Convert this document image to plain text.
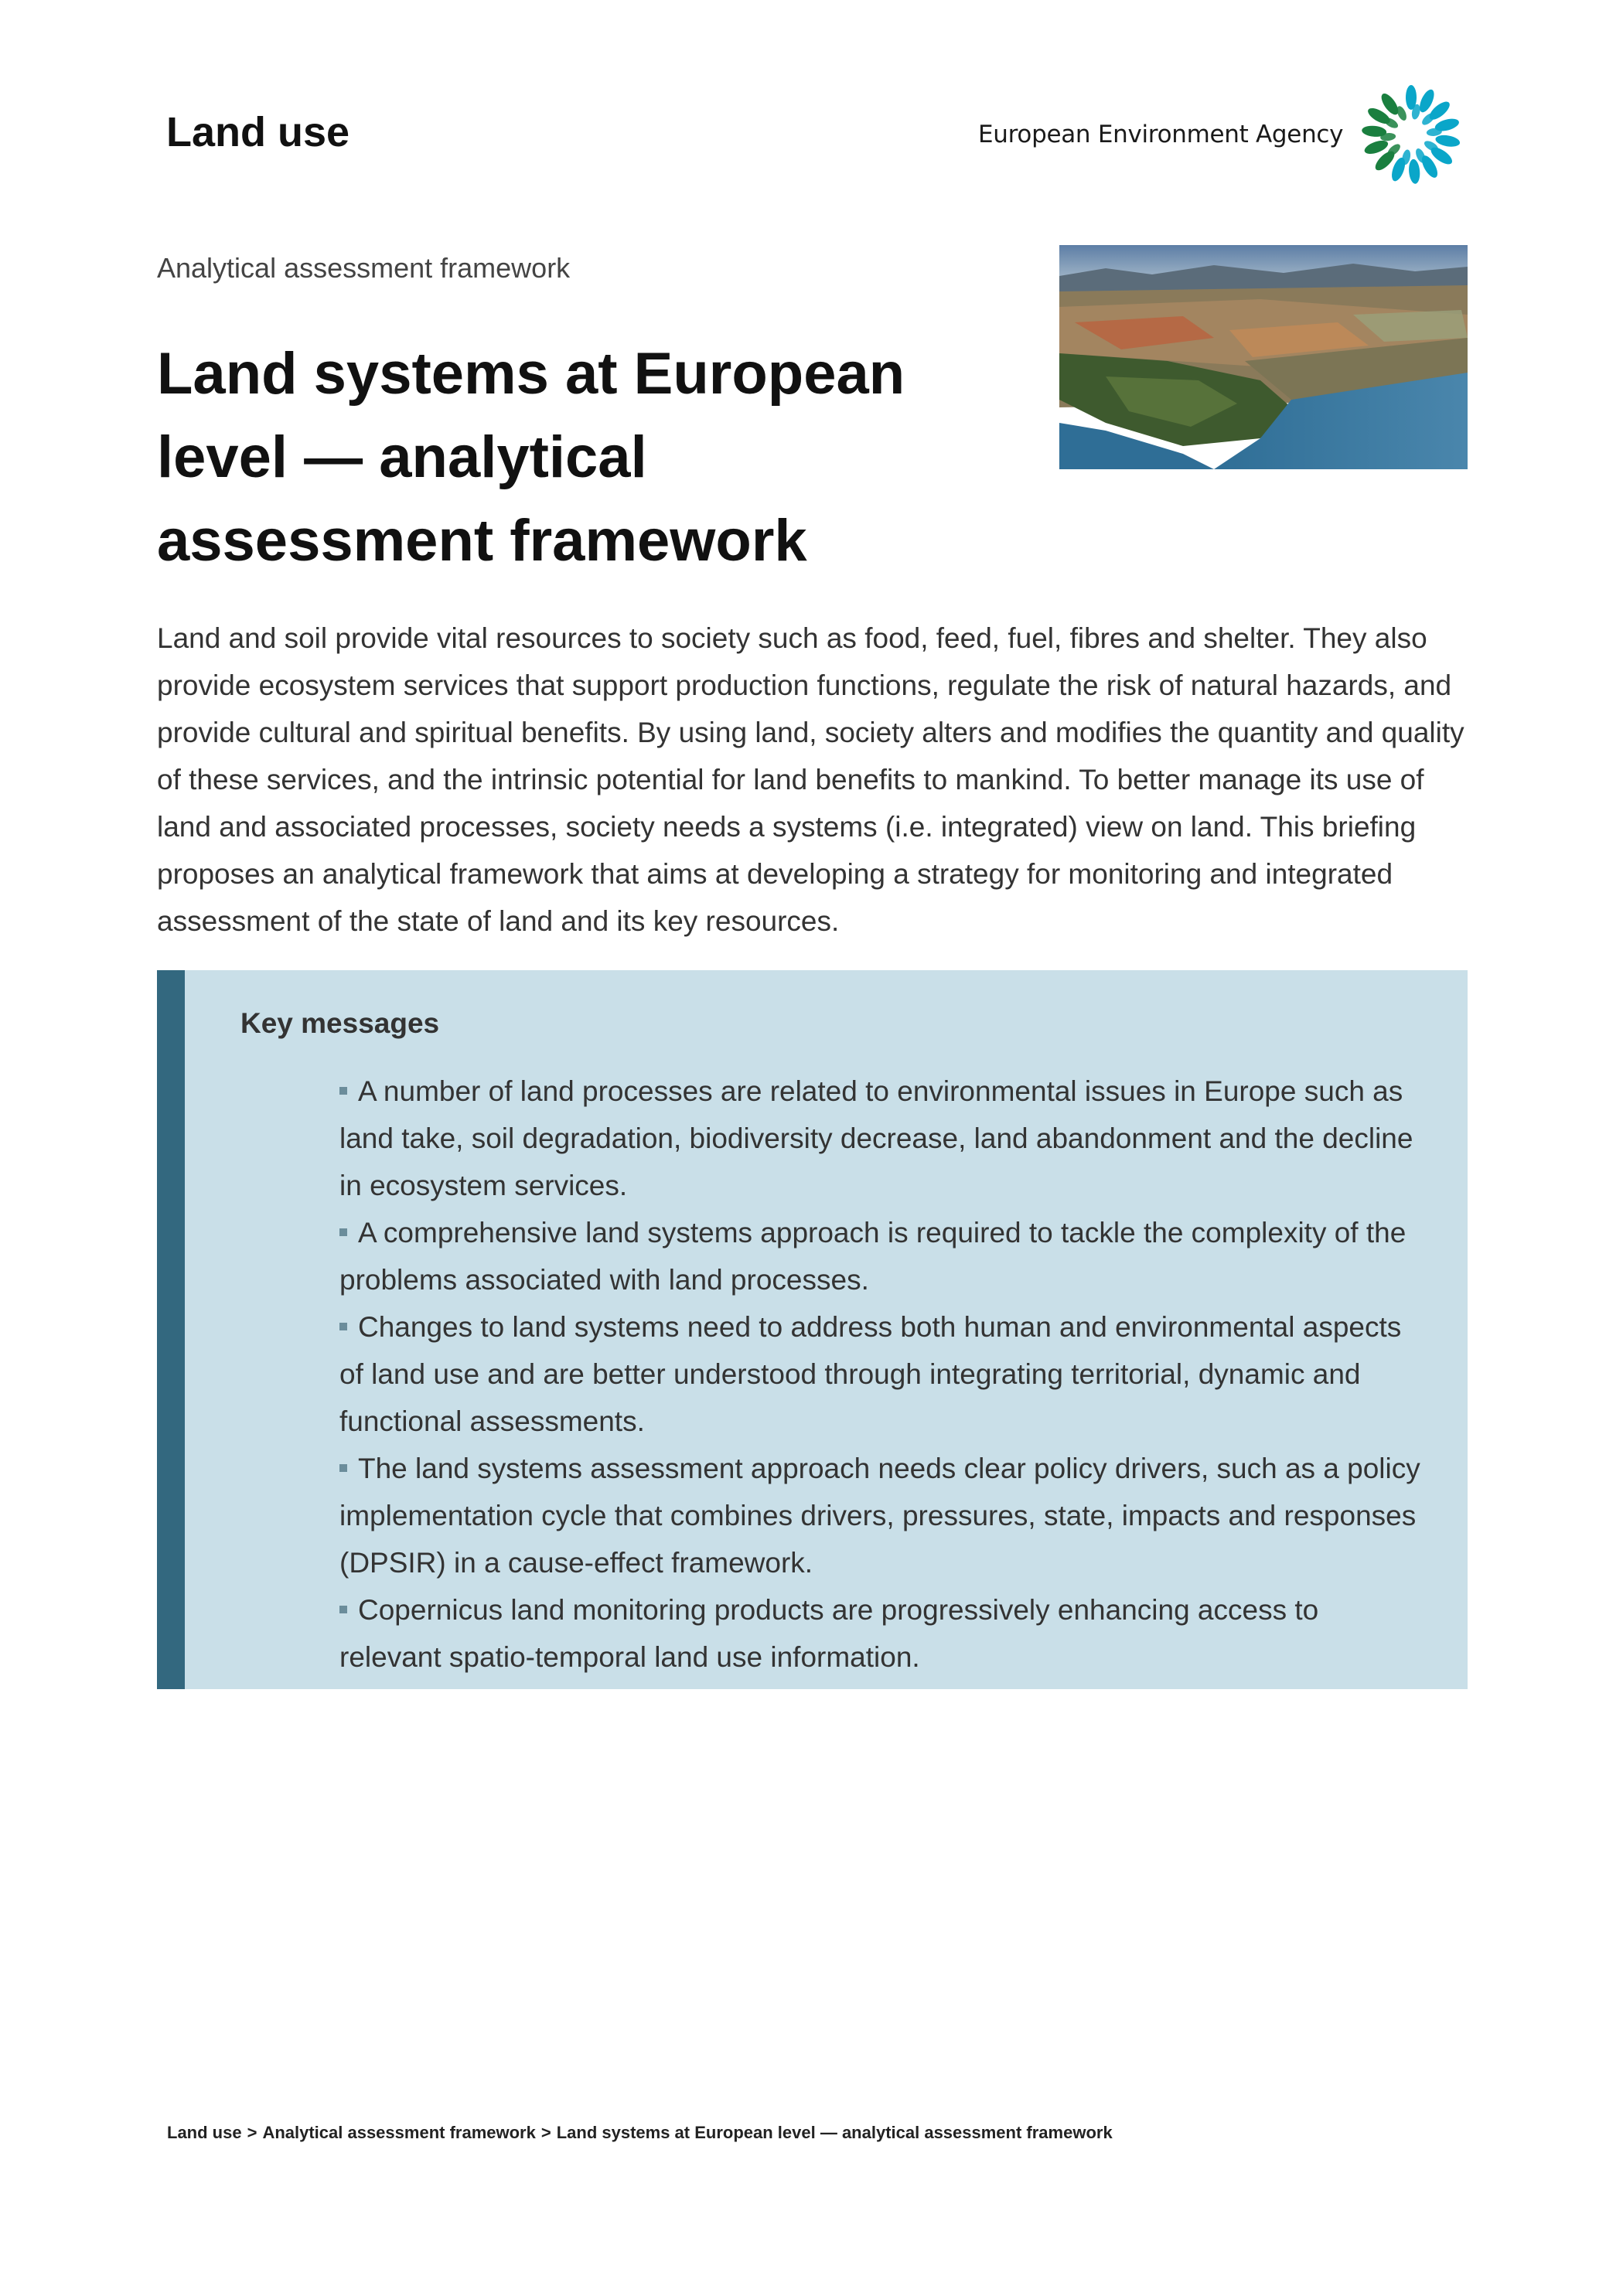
Land use	European Environment Agency
Analytical assessment framework
Land systems at European level — analytical assessment framework

Land and soil provide vital resources to society such as food, feed, fuel, fibres and shelter. They also provide ecosystem services that support production functions, regulate the risk of natural hazards, and provide cultural and spiritual benefits. By using land, society alters and modifies the quantity and quality of these services, and the intrinsic potential for land benefits to mankind. To better manage its use of land and associated processes, society needs a systems (i.e. integrated) view on land. This briefing proposes an analytical framework that aims at developing a strategy for monitoring and integrated assessment of the state of land and its key resources.

Key messages
A number of land processes are related to environmental issues in Europe such as land take, soil degradation, biodiversity decrease, land abandonment and the decline in ecosystem services.
A comprehensive land systems approach is required to tackle the complexity of the problems associated with land processes.
Changes to land systems need to address both human and environmental aspects of land use and are better understood through integrating territorial, dynamic and functional assessments.
The land systems assessment approach needs clear policy drivers, such as a policy implementation cycle that combines drivers, pressures, state, impacts and responses (DPSIR) in a cause-effect framework.
Copernicus land monitoring products are progressively enhancing access to relevant spatio-temporal land use information.
Land use > Analytical assessment framework > Land systems at European level — analytical assessment framework
